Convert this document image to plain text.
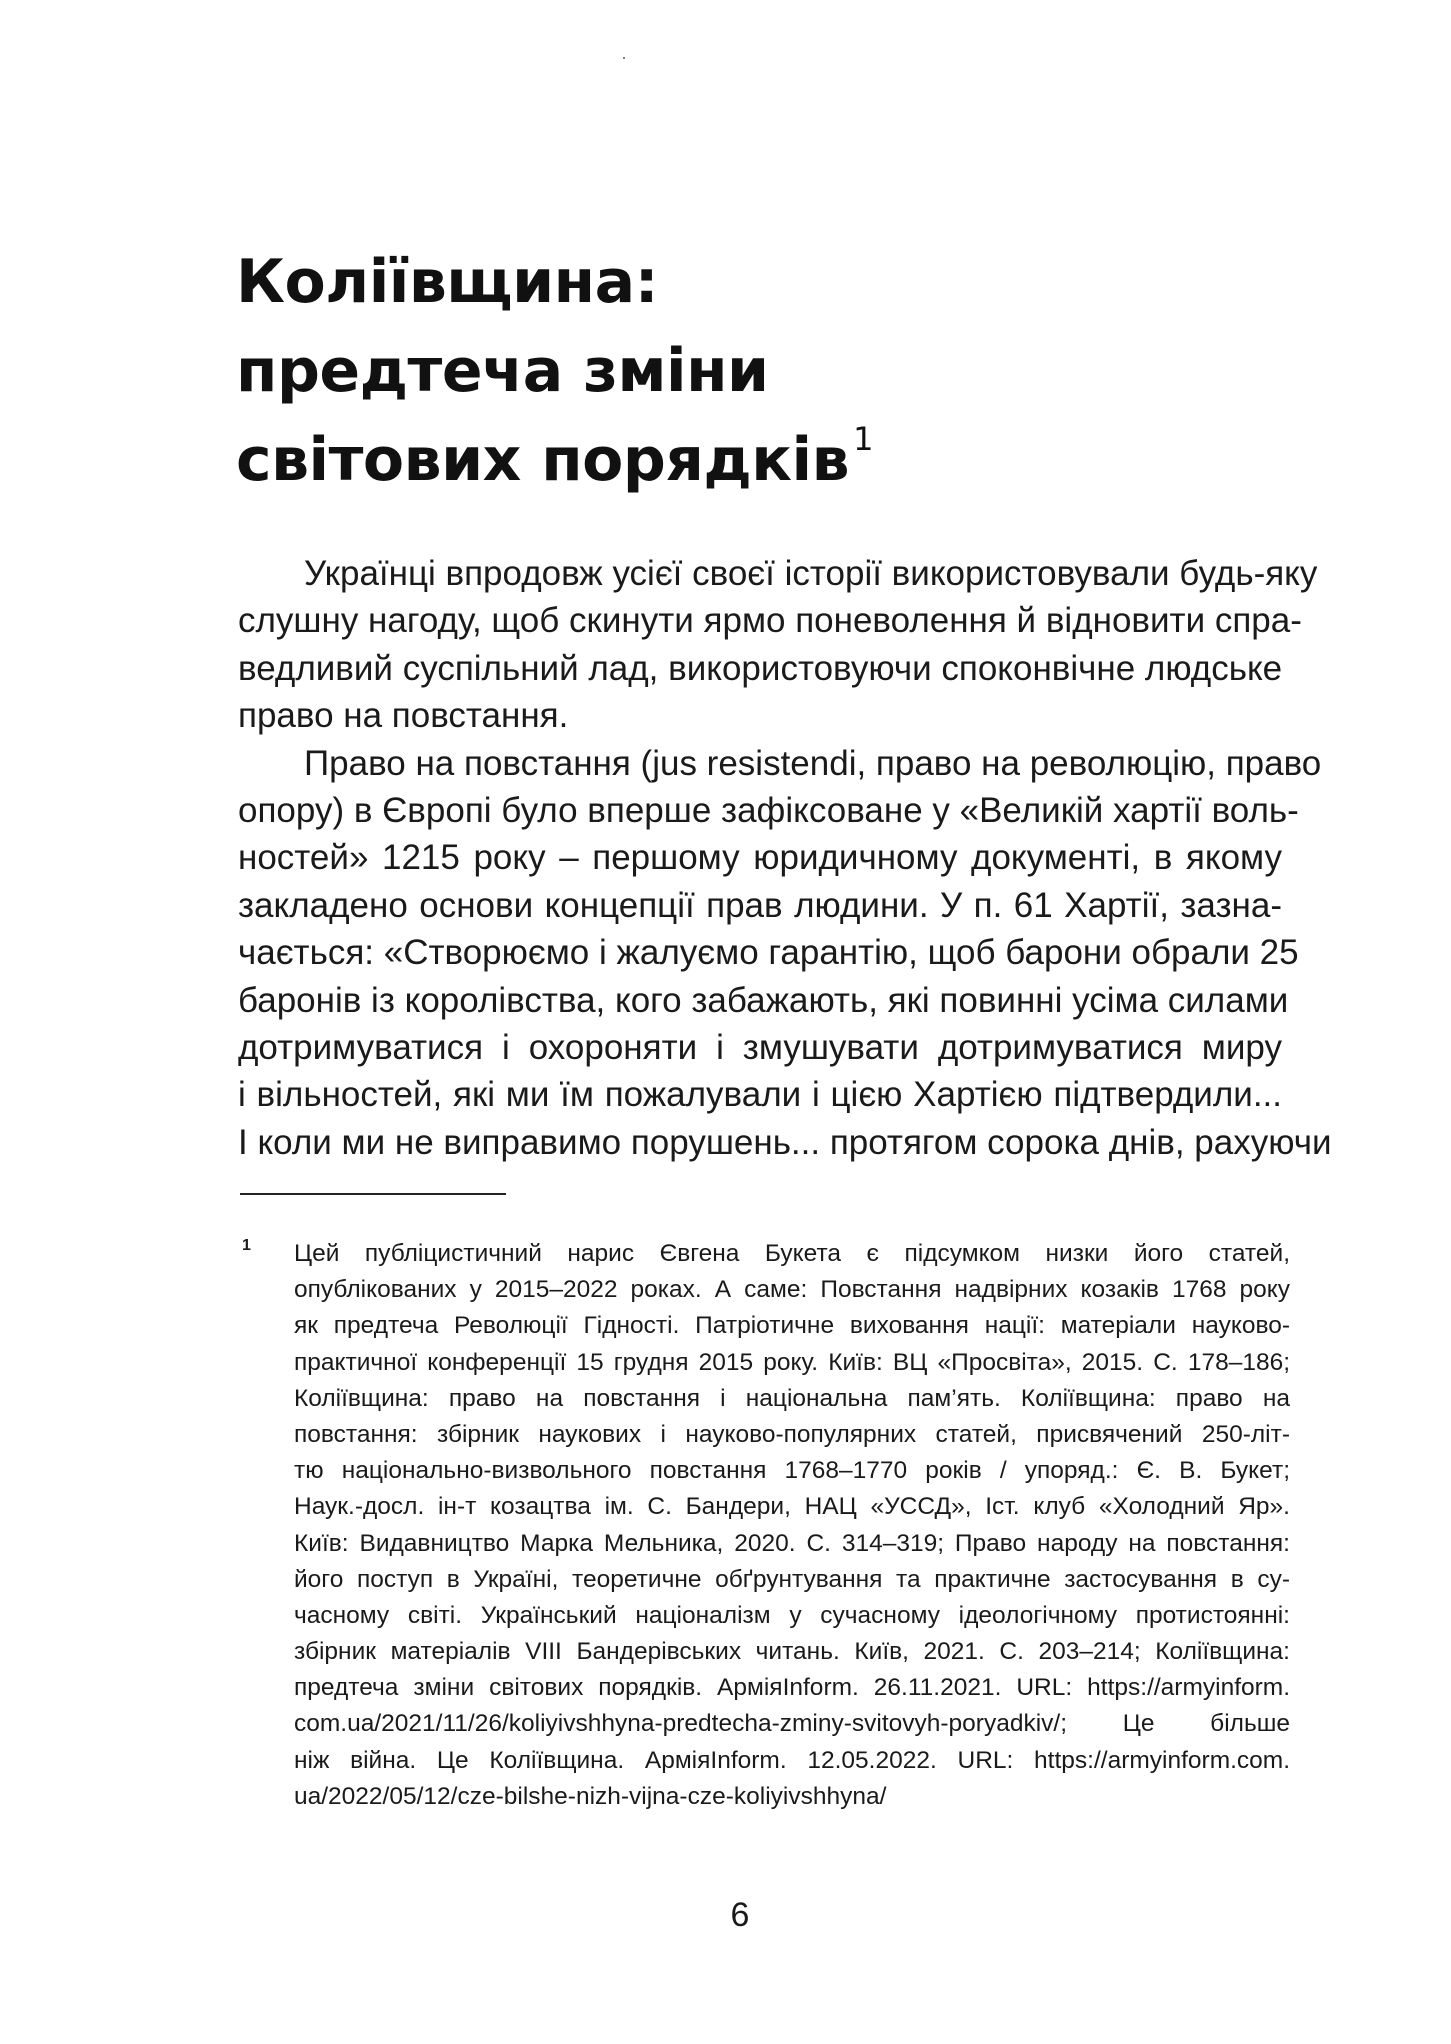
Коліївщина:
предтеча зміни
світових порядків $^1$
Українці впродовж усієї своєї історії використовували будь-яку
слушну нагоду, щоб скинути ярмо поневолення й відновити спра-
ведливий суспільний лад, використовуючи споконвічне людське
право на повстання.
Право на повстання (jus resistendi, право на революцію, право
опору) в Європі було вперше зафіксоване у «Великій хартії воль-
ностей» 1215 року – першому юридичному документі, в якому
закладено основи концепції прав людини. У п. 61 Хартії, зазна-
чається: «Створюємо і жалуємо гарантію, щоб барони обрали 25
баронів із королівства, кого забажають, які повинні усіма силами
дотримуватися і охороняти і змушувати дотримуватися миру
і вільностей, які ми їм пожалували і цією Хартією підтвердили...
І коли ми не виправимо порушень... протягом сорока днів, рахуючи
1 Цей публіцистичний нарис Євгена Букета є підсумком низки його статей,
опублікованих у 2015–2022 роках. А саме: Повстання надвірних козаків 1768 року
як предтеча Революції Гідності. Патріотичне виховання нації: матеріали науково-
практичної конференції 15 грудня 2015 року. Київ: ВЦ «Просвіта», 2015. С. 178–186;
Коліївщина: право на повстання і національна пам’ять. Коліївщина: право на
повстання: збірник наукових і науково-популярних статей, присвячений 250-літ-
тю національно-визвольного повстання 1768–1770 років / упоряд.: Є. В. Букет;
Наук.-досл. ін-т козацтва ім. С. Бандери, НАЦ «УССД», Іст. клуб «Холодний Яр».
Київ: Видавництво Марка Мельника, 2020. С. 314–319; Право народу на повстання:
його поступ в Україні, теоретичне обґрунтування та практичне застосування в су-
часному світі. Український націоналізм у сучасному ідеологічному протистоянні:
збірник матеріалів VIII Бандерівських читань. Київ, 2021. С. 203–214; Коліївщина:
предтеча зміни світових порядків. АрміяInform. 26.11.2021. URL: https://armyinform.
com.ua/2021/11/26/koliyivshhyna-predtecha-zminy-svitovyh-poryadkiv/; Це більше
ніж війна. Це Коліївщина. АрміяInform. 12.05.2022. URL: https://armyinform.com.
ua/2022/05/12/cze-bilshe-nizh-vijna-cze-koliyivshhyna/
6
